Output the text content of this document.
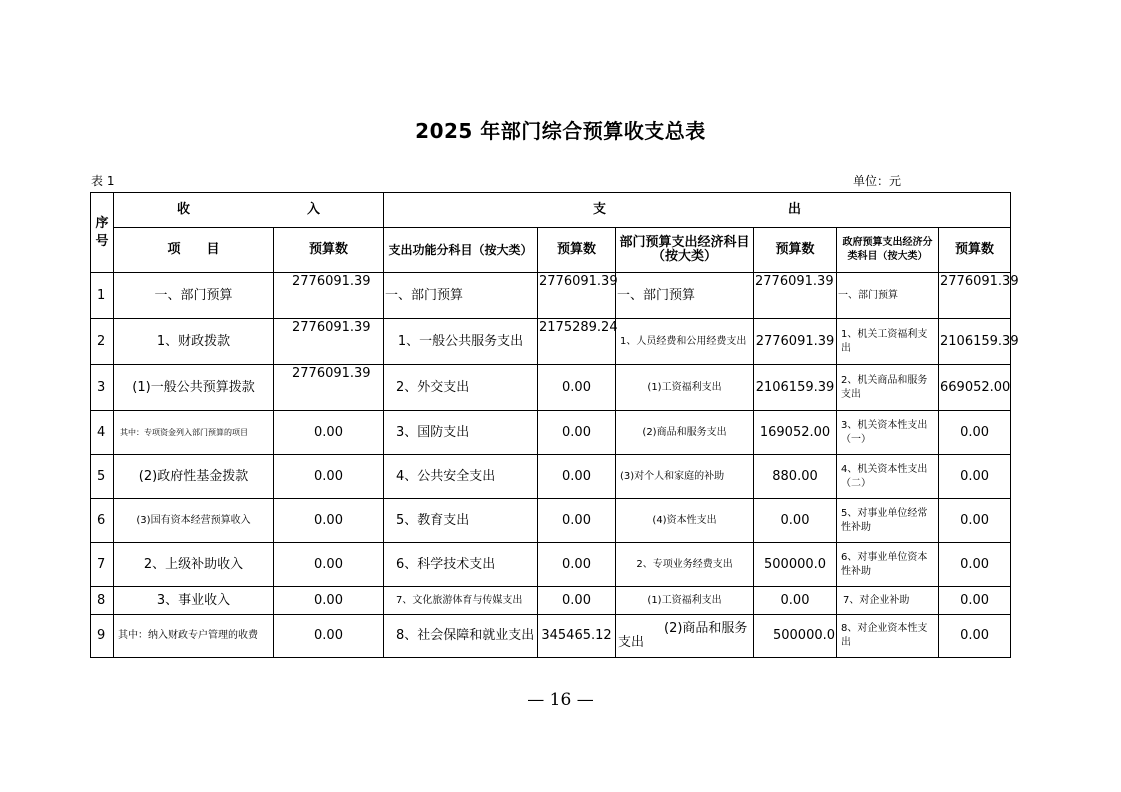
2025 年部门综合预算收支总表
表 1	单位：元
序号	收　　　　　　　　　入		支　　　　　　　　　　　　　　出					
	项　　目	预算数	支出功能分科目（按大类）	预算数	部门预算支出经济科目（按大类）	预算数	政府预算支出经济分类科目（按大类）	预算数
1	一、部门预算	2776091.39	一、部门预算	2776091.39	一、部门预算	2776091.39	一、部门预算	2776091.39
2	1、财政拨款	2776091.39	1、一般公共服务支出	2175289.24	1、人员经费和公用经费支出	2776091.39	1、机关工资福利支出	2106159.39
3	(1)一般公共预算拨款	2776091.39	2、外交支出	0.00	(1)工资福利支出	2106159.39	2、机关商品和服务支出	669052.00
4	其中：专项资金列入部门预算的项目	0.00	3、国防支出	0.00	(2)商品和服务支出	169052.00	3、机关资本性支出（一）	0.00
5	(2)政府性基金拨款	0.00	4、公共安全支出	0.00	(3)对个人和家庭的补助	880.00	4、机关资本性支出（二）	0.00
6	(3)国有资本经营预算收入	0.00	5、教育支出	0.00	(4)资本性支出	0.00	5、对事业单位经常性补助	0.00
7	2、上级补助收入	0.00	6、科学技术支出	0.00	2、专项业务经费支出	500000.0	6、对事业单位资本性补助	0.00
8	3、事业收入	0.00	7、文化旅游体育与传媒支出	0.00	(1)工资福利支出	0.00	7、对企业补助	0.00
9	其中：纳入财政专户管理的收费	0.00	8、社会保障和就业支出	345465.12	(2)商品和服务支出	500000.0	8、对企业资本性支出	0.00
— 16 —
